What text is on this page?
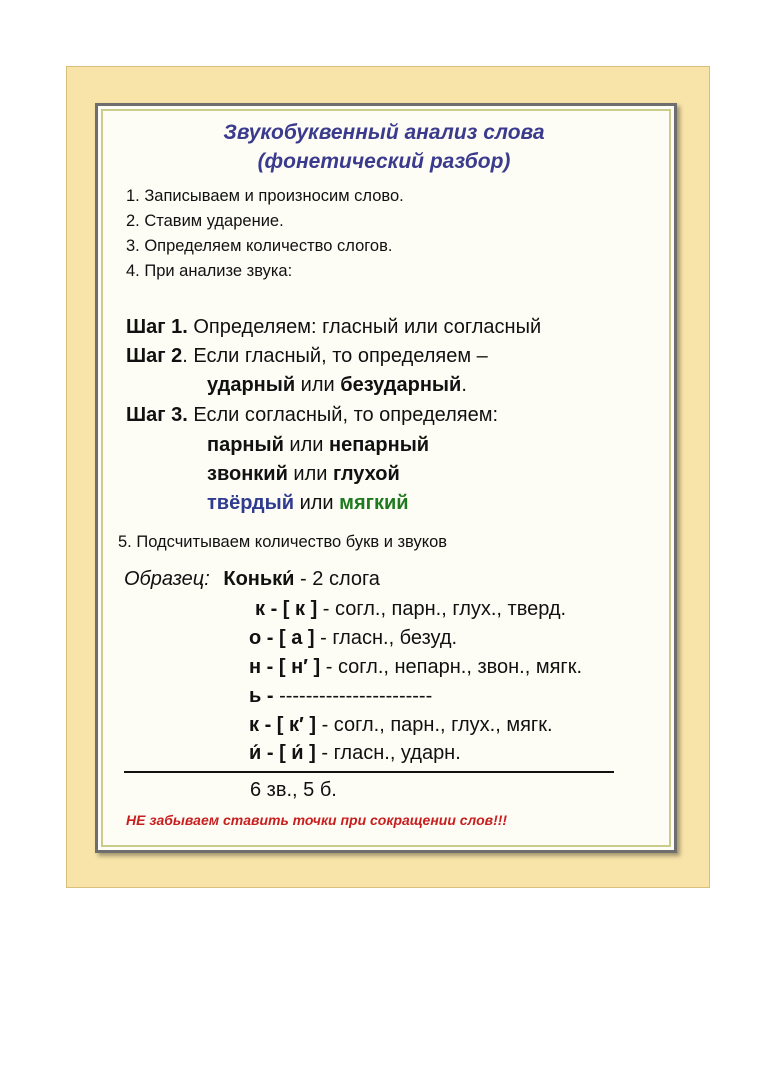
Звукобуквенный анализ слова
(фонетический разбор)
1. Записываем и произносим слово.
2. Ставим ударение.
3. Определяем количество слогов.
4. При анализе звука:
Шаг 1. Определяем: гласный или согласный
Шаг 2. Если гласный, то определяем –
ударный или безударный.
Шаг 3. Если согласный, то определяем:
парный или непарный
звонкий или глухой
твёрдый или мягкий
5. Подсчитываем количество букв и звуков
Образец: Коньки́ - 2 слога
к - [ к ] - согл., парн., глух., тверд.
о - [ а ] - гласн., безуд.
н - [ н′ ] - согл., непарн., звон., мягк.
ь - -----------------------
к - [ к′ ] - согл., парн., глух., мягк.
и́ - [ и́ ] - гласн., ударн.
6 зв., 5 б.
НЕ забываем ставить точки при сокращении слов!!!
